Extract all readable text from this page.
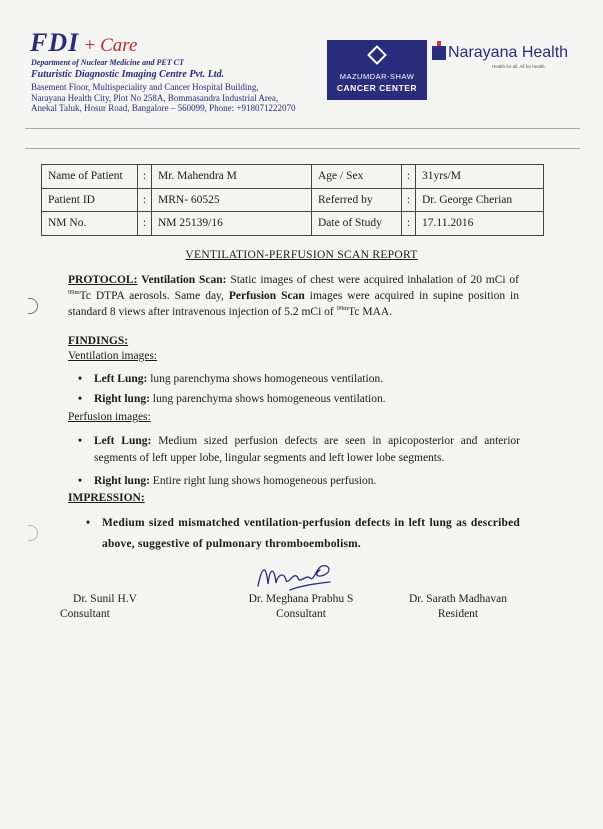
FDI + Care
Department of Nuclear Medicine and PET CT
Futuristic Diagnostic Imaging Centre Pvt. Ltd.
Basement Floor, Multispeciality and Cancer Hospital Building,
Narayana Health City, Plot No 258A, Bommasandra Industrial Area,
Anekal Taluk, Hosur Road, Bangalore – 560099, Phone: +918071222070
MAZUMDAR-SHAW
CANCER CENTER
Narayana Health
Health for all. All for health.
Name of Patient	:	Mr. Mahendra M	Age / Sex	:	31yrs/M
Patient ID	:	MRN- 60525	Referred by	:	Dr. George Cherian
NM No.	:	NM 25139/16	Date of Study	:	17.11.2016
VENTILATION-PERFUSION SCAN REPORT
PROTOCOL: Ventilation Scan: Static images of chest were acquired inhalation of 20 mCi of $^{99m}$Tc DTPA aerosols. Same day, Perfusion Scan images were acquired in supine position in standard 8 views after intravenous injection of 5.2 mCi of $^{99m}$Tc MAA.
FINDINGS:
Ventilation images:
• Left Lung: lung parenchyma shows homogeneous ventilation.
• Right lung: lung parenchyma shows homogeneous ventilation.
Perfusion images:
• Left Lung: Medium sized perfusion defects are seen in apicoposterior and anterior segments of left upper lobe, lingular segments and left lower lobe segments.
• Right lung: Entire right lung shows homogeneous perfusion.
IMPRESSION:
• Medium sized mismatched ventilation-perfusion defects in left lung as described above, suggestive of pulmonary thromboembolism.
Dr. Sunil H.V
Consultant
Dr. Meghana Prabhu S
Consultant
Dr. Sarath Madhavan
Resident
